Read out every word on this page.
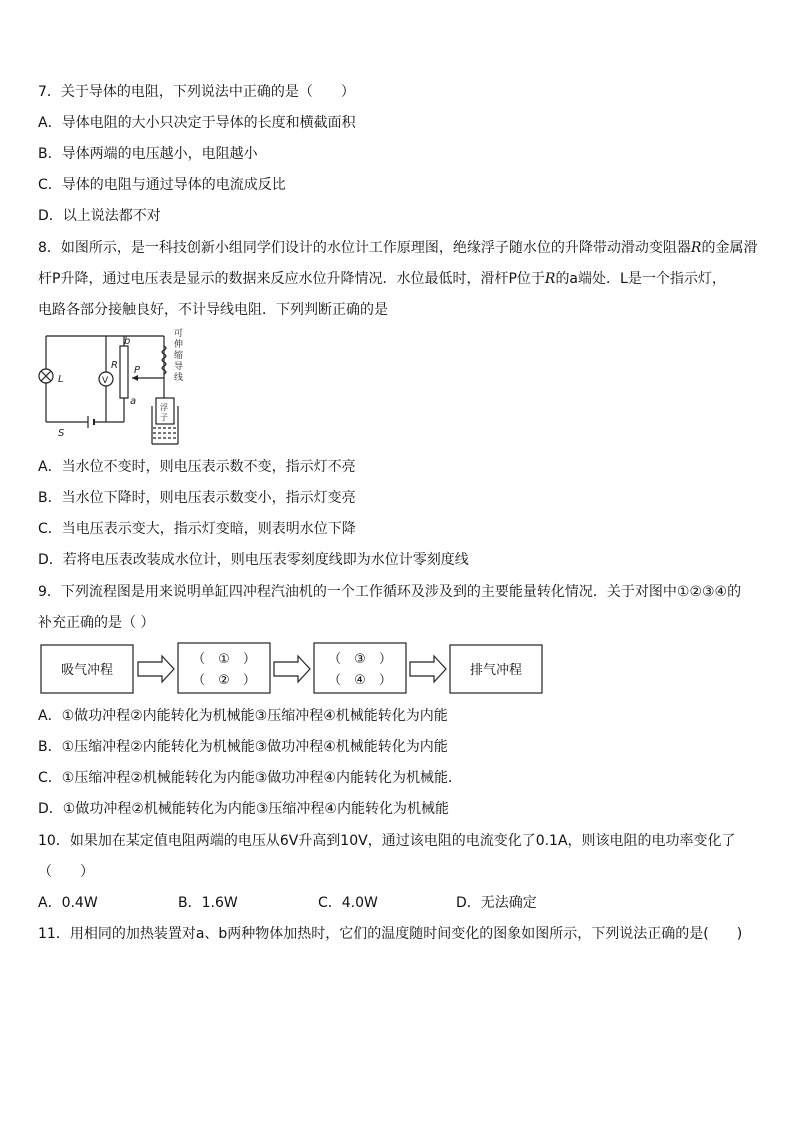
7．关于导体的电阻，下列说法中正确的是（　　）
A．导体电阻的大小只决定于导体的长度和横截面积
B．导体两端的电压越小，电阻越小
C．导体的电阻与通过导体的电流成反比
D．以上说法都不对
8．如图所示，是一科技创新小组同学们设计的水位计工作原理图，绝缘浮子随水位的升降带动滑动变阻器R的金属滑
杆P升降，通过电压表是显示的数据来反应水位升降情况．水位最低时，滑杆P位于R的a端处．L是一个指示灯，
电路各部分接触良好，不计导线电阻．下列判断正确的是
L
S
V
R P
b
a
可
伸
缩
导
线
浮
子
A．当水位不变时，则电压表示数不变，指示灯不亮
B．当水位下降时，则电压表示数变小，指示灯变亮
C．当电压表示变大，指示灯变暗，则表明水位下降
D．若将电压表改装成水位计，则电压表零刻度线即为水位计零刻度线
9．下列流程图是用来说明单缸四冲程汽油机的一个工作循环及涉及到的主要能量转化情况．关于对图中①②③④的
补充正确的是（ ）
吸气冲程
（　①　）
（　②　）
（　③　）
（　④　）
排气冲程
A．①做功冲程②内能转化为机械能③压缩冲程④机械能转化为内能
B．①压缩冲程②内能转化为机械能③做功冲程④机械能转化为内能
C．①压缩冲程②机械能转化为内能③做功冲程④内能转化为机械能．
D．①做功冲程②机械能转化为内能③压缩冲程④内能转化为机械能
10．如果加在某定值电阻两端的电压从6V升高到10V，通过该电阻的电流变化了0.1A，则该电阻的电功率变化了
（　　）
A．0.4W	B．1.6W	C．4.0W	D．无法确定
11．用相同的加热装置对a、b两种物体加热时，它们的温度随时间变化的图象如图所示，下列说法正确的是(　　)
